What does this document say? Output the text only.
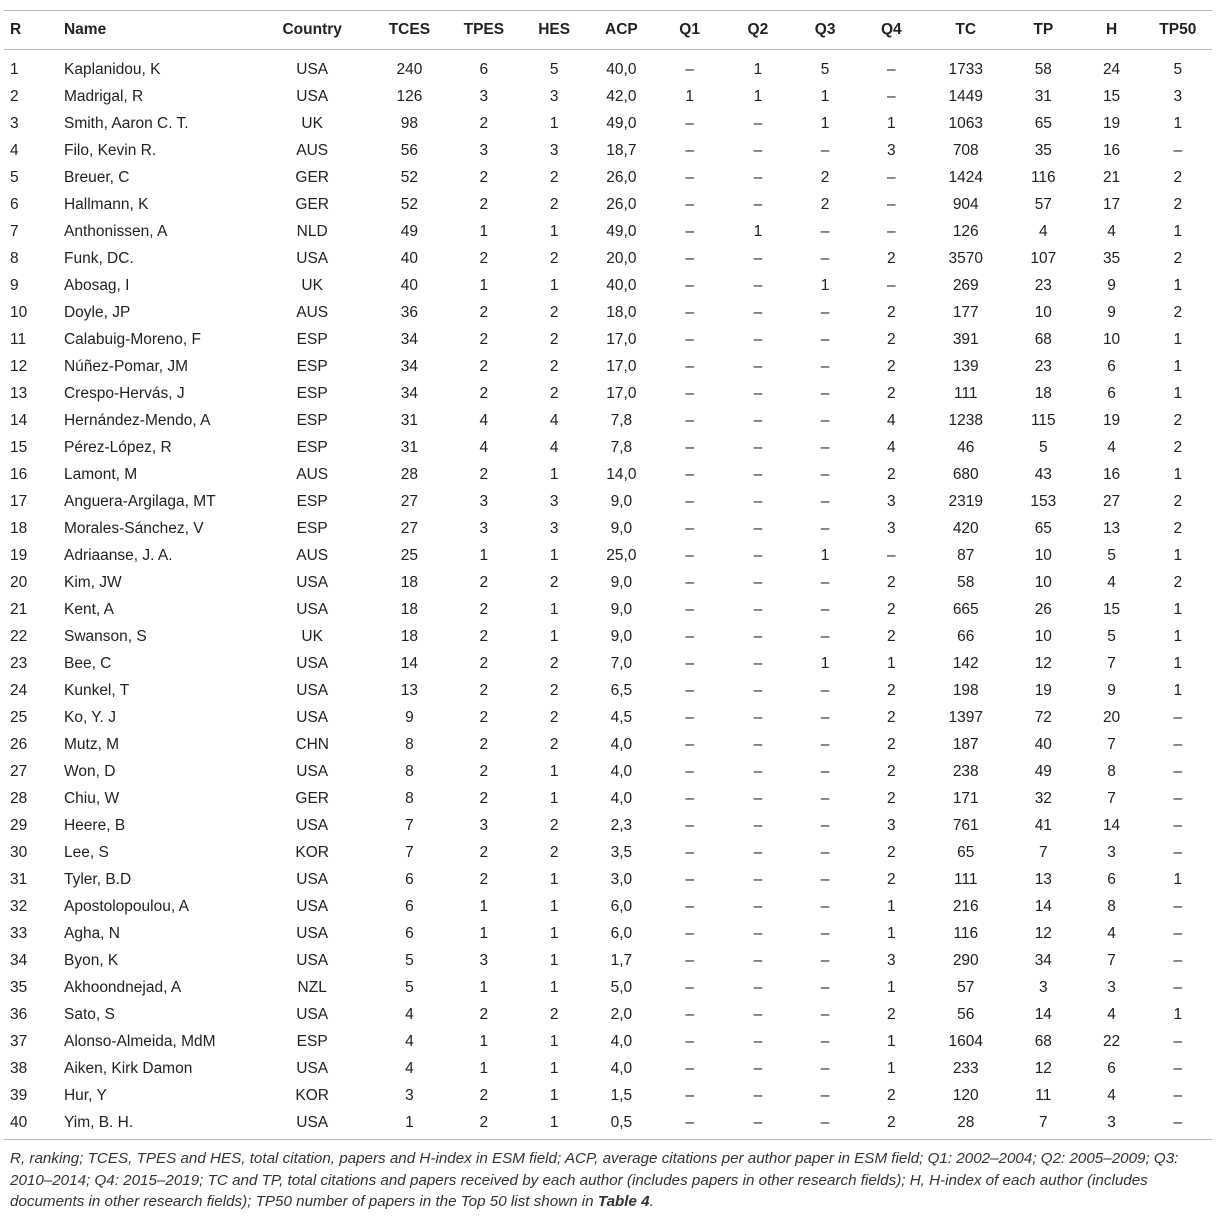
R	Name	Country	TCES	TPES	HES	ACP	Q1	Q2	Q3	Q4	TC	TP	H	TP50
1	Kaplanidou, K	USA	240	6	5	40,0	–	1	5	–	1733	58	24	5
2	Madrigal, R	USA	126	3	3	42,0	1	1	1	–	1449	31	15	3
3	Smith, Aaron C. T.	UK	98	2	1	49,0	–	–	1	1	1063	65	19	1
4	Filo, Kevin R.	AUS	56	3	3	18,7	–	–	–	3	708	35	16	–
5	Breuer, C	GER	52	2	2	26,0	–	–	2	–	1424	116	21	2
6	Hallmann, K	GER	52	2	2	26,0	–	–	2	–	904	57	17	2
7	Anthonissen, A	NLD	49	1	1	49,0	–	1	–	–	126	4	4	1
8	Funk, DC.	USA	40	2	2	20,0	–	–	–	2	3570	107	35	2
9	Abosag, I	UK	40	1	1	40,0	–	–	1	–	269	23	9	1
10	Doyle, JP	AUS	36	2	2	18,0	–	–	–	2	177	10	9	2
11	Calabuig-Moreno, F	ESP	34	2	2	17,0	–	–	–	2	391	68	10	1
12	Núñez-Pomar, JM	ESP	34	2	2	17,0	–	–	–	2	139	23	6	1
13	Crespo-Hervás, J	ESP	34	2	2	17,0	–	–	–	2	111	18	6	1
14	Hernández-Mendo, A	ESP	31	4	4	7,8	–	–	–	4	1238	115	19	2
15	Pérez-López, R	ESP	31	4	4	7,8	–	–	–	4	46	5	4	2
16	Lamont, M	AUS	28	2	1	14,0	–	–	–	2	680	43	16	1
17	Anguera-Argilaga, MT	ESP	27	3	3	9,0	–	–	–	3	2319	153	27	2
18	Morales-Sánchez, V	ESP	27	3	3	9,0	–	–	–	3	420	65	13	2
19	Adriaanse, J. A.	AUS	25	1	1	25,0	–	–	1	–	87	10	5	1
20	Kim, JW	USA	18	2	2	9,0	–	–	–	2	58	10	4	2
21	Kent, A	USA	18	2	1	9,0	–	–	–	2	665	26	15	1
22	Swanson, S	UK	18	2	1	9,0	–	–	–	2	66	10	5	1
23	Bee, C	USA	14	2	2	7,0	–	–	1	1	142	12	7	1
24	Kunkel, T	USA	13	2	2	6,5	–	–	–	2	198	19	9	1
25	Ko, Y. J	USA	9	2	2	4,5	–	–	–	2	1397	72	20	–
26	Mutz, M	CHN	8	2	2	4,0	–	–	–	2	187	40	7	–
27	Won, D	USA	8	2	1	4,0	–	–	–	2	238	49	8	–
28	Chiu, W	GER	8	2	1	4,0	–	–	–	2	171	32	7	–
29	Heere, B	USA	7	3	2	2,3	–	–	–	3	761	41	14	–
30	Lee, S	KOR	7	2	2	3,5	–	–	–	2	65	7	3	–
31	Tyler, B.D	USA	6	2	1	3,0	–	–	–	2	111	13	6	1
32	Apostolopoulou, A	USA	6	1	1	6,0	–	–	–	1	216	14	8	–
33	Agha, N	USA	6	1	1	6,0	–	–	–	1	116	12	4	–
34	Byon, K	USA	5	3	1	1,7	–	–	–	3	290	34	7	–
35	Akhoondnejad, A	NZL	5	1	1	5,0	–	–	–	1	57	3	3	–
36	Sato, S	USA	4	2	2	2,0	–	–	–	2	56	14	4	1
37	Alonso-Almeida, MdM	ESP	4	1	1	4,0	–	–	–	1	1604	68	22	–
38	Aiken, Kirk Damon	USA	4	1	1	4,0	–	–	–	1	233	12	6	–
39	Hur, Y	KOR	3	2	1	1,5	–	–	–	2	120	11	4	–
40	Yim, B. H.	USA	1	2	1	0,5	–	–	–	2	28	7	3	–
R, ranking; TCES, TPES and HES, total citation, papers and H-index in ESM field; ACP, average citations per author paper in ESM field; Q1: 2002–2004; Q2: 2005–2009; Q3: 2010–2014; Q4: 2015–2019; TC and TP, total citations and papers received by each author (includes papers in other research fields); H, H-index of each author (includes documents in other research fields); TP50 number of papers in the Top 50 list shown in Table 4.
